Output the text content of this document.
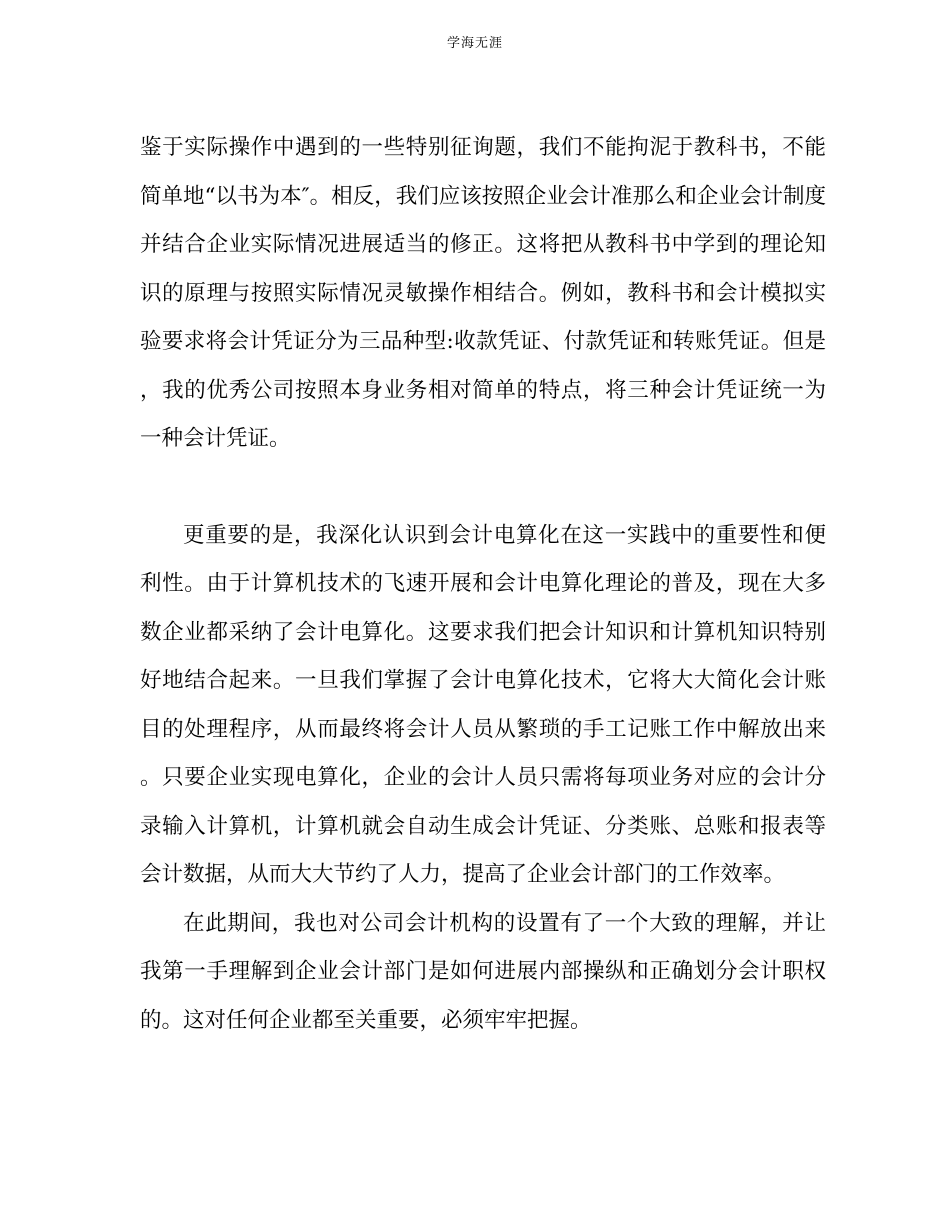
学海无涯

鉴于实际操作中遇到的一些特别征询题，我们不能拘泥于教科书，不能简单地“以书为本″。相反，我们应该按照企业会计准那么和企业会计制度并结合企业实际情况进展适当的修正。这将把从教科书中学到的理论知识的原理与按照实际情况灵敏操作相结合。例如，教科书和会计模拟实验要求将会计凭证分为三品种型:收款凭证、付款凭证和转账凭证。但是，我的优秀公司按照本身业务相对简单的特点，将三种会计凭证统一为一种会计凭证。

更重要的是，我深化认识到会计电算化在这一实践中的重要性和便利性。由于计算机技术的飞速开展和会计电算化理论的普及，现在大多数企业都采纳了会计电算化。这要求我们把会计知识和计算机知识特别好地结合起来。一旦我们掌握了会计电算化技术，它将大大简化会计账目的处理程序，从而最终将会计人员从繁琐的手工记账工作中解放出来。只要企业实现电算化，企业的会计人员只需将每项业务对应的会计分录输入计算机，计算机就会自动生成会计凭证、分类账、总账和报表等会计数据，从而大大节约了人力，提高了企业会计部门的工作效率。

在此期间，我也对公司会计机构的设置有了一个大致的理解，并让我第一手理解到企业会计部门是如何进展内部操纵和正确划分会计职权的。这对任何企业都至关重要，必须牢牢把握。
